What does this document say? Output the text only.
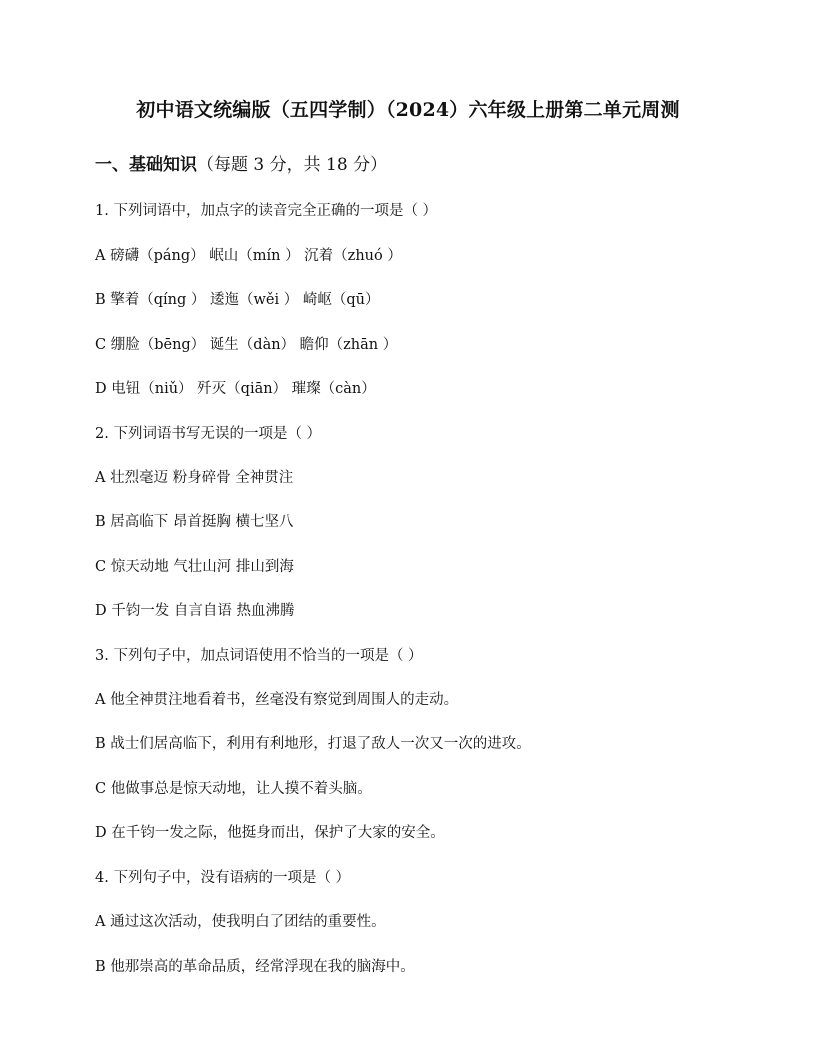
初中语文统编版（五四学制）（2024）六年级上册第二单元周测
一、基础知识（每题 3 分，共 18 分）
1. 下列词语中，加点字的读音完全正确的一项是（ ）
A 磅礴（páng） 岷山（mín ） 沉着（zhuó ）
B 擎着（qíng ） 逶迤（wěi ） 崎岖（qū）
C 绷脸（bēng） 诞生（dàn） 瞻仰（zhān ）
D 电钮（niǔ） 歼灭（qiān） 璀璨（càn）
2. 下列词语书写无误的一项是（ ）
A 壮烈毫迈 粉身碎骨 全神贯注
B 居高临下 昂首挺胸 横七坚八
C 惊天动地 气壮山河 排山到海
D 千钧一发 自言自语 热血沸腾
3. 下列句子中，加点词语使用不恰当的一项是（ ）
A 他全神贯注地看着书，丝毫没有察觉到周围人的走动。
B 战士们居高临下，利用有利地形，打退了敌人一次又一次的进攻。
C 他做事总是惊天动地，让人摸不着头脑。
D 在千钧一发之际，他挺身而出，保护了大家的安全。
4. 下列句子中，没有语病的一项是（ ）
A 通过这次活动，使我明白了团结的重要性。
B 他那崇高的革命品质，经常浮现在我的脑海中。
